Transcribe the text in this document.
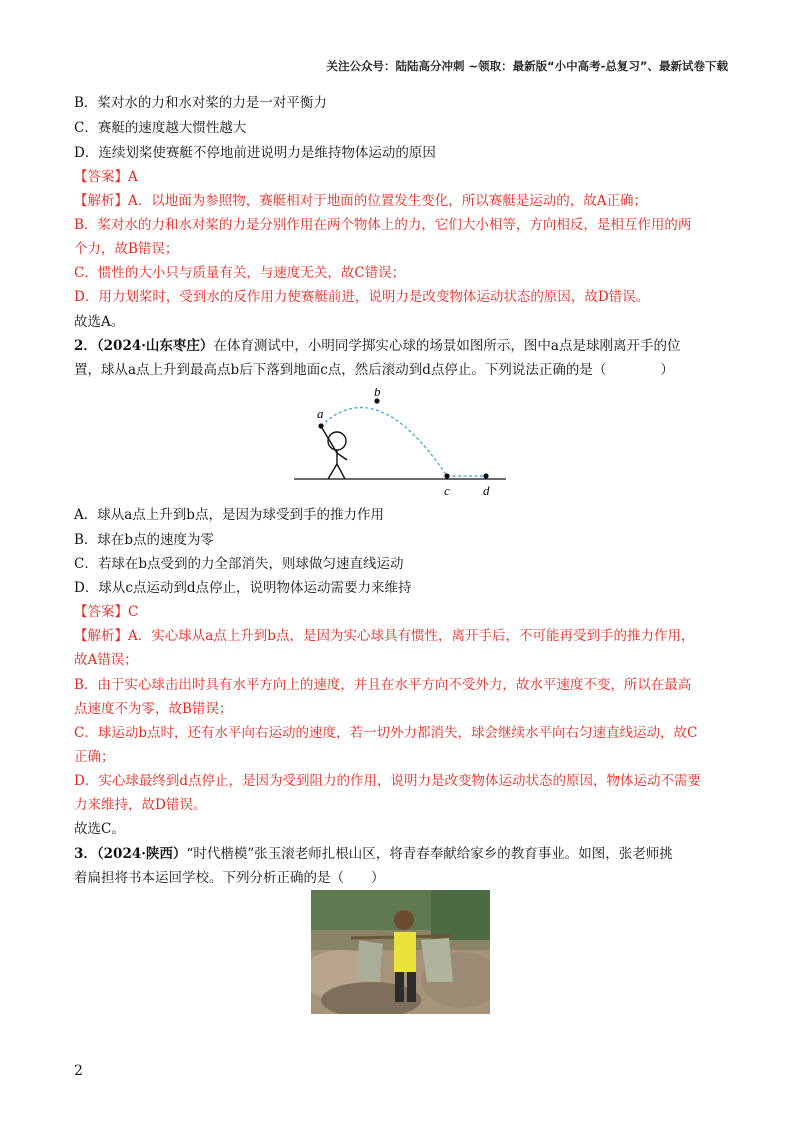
关注公众号：陆陆高分冲刺 ~领取：最新版“小中高考-总复习”、最新试卷下载
B．桨对水的力和水对桨的力是一对平衡力
C．赛艇的速度越大惯性越大
D．连续划桨使赛艇不停地前进说明力是维持物体运动的原因
【答案】A
【解析】A．以地面为参照物，赛艇相对于地面的位置发生变化，所以赛艇是运动的，故A正确；
B．桨对水的力和水对桨的力是分别作用在两个物体上的力，它们大小相等，方向相反，是相互作用的两
个力，故B错误；
C．惯性的大小只与质量有关，与速度无关，故C错误；
D．用力划桨时，受到水的反作用力使赛艇前进，说明力是改变物体运动状态的原因，故D错误。
故选A。
2．（2024·山东枣庄）在体育测试中，小明同学掷实心球的场景如图所示，图中a点是球刚离开手的位
置，球从a点上升到最高点b后下落到地面c点，然后滚动到d点停止。下列说法正确的是（　　　　）
a
b
c	d
A．球从a点上升到b点，是因为球受到手的推力作用
B．球在b点的速度为零
C．若球在b点受到的力全部消失，则球做匀速直线运动
D．球从c点运动到d点停止，说明物体运动需要力来维持
【答案】C
【解析】A．实心球从a点上升到b点，是因为实心球具有惯性，离开手后，不可能再受到手的推力作用，
故A错误；
B．由于实心球击出时具有水平方向上的速度，并且在水平方向不受外力，故水平速度不变，所以在最高
点速度不为零，故B错误；
C．球运动b点时，还有水平向右运动的速度，若一切外力都消失，球会继续水平向右匀速直线运动，故C
正确；
D．实心球最终到d点停止，是因为受到阻力的作用，说明力是改变物体运动状态的原因，物体运动不需要
力来维持，故D错误。
故选C。
3．（2024·陕西）“时代楷模”张玉滚老师扎根山区，将青春奉献给家乡的教育事业。如图，张老师挑
着扁担将书本运回学校。下列分析正确的是（　　）
2
